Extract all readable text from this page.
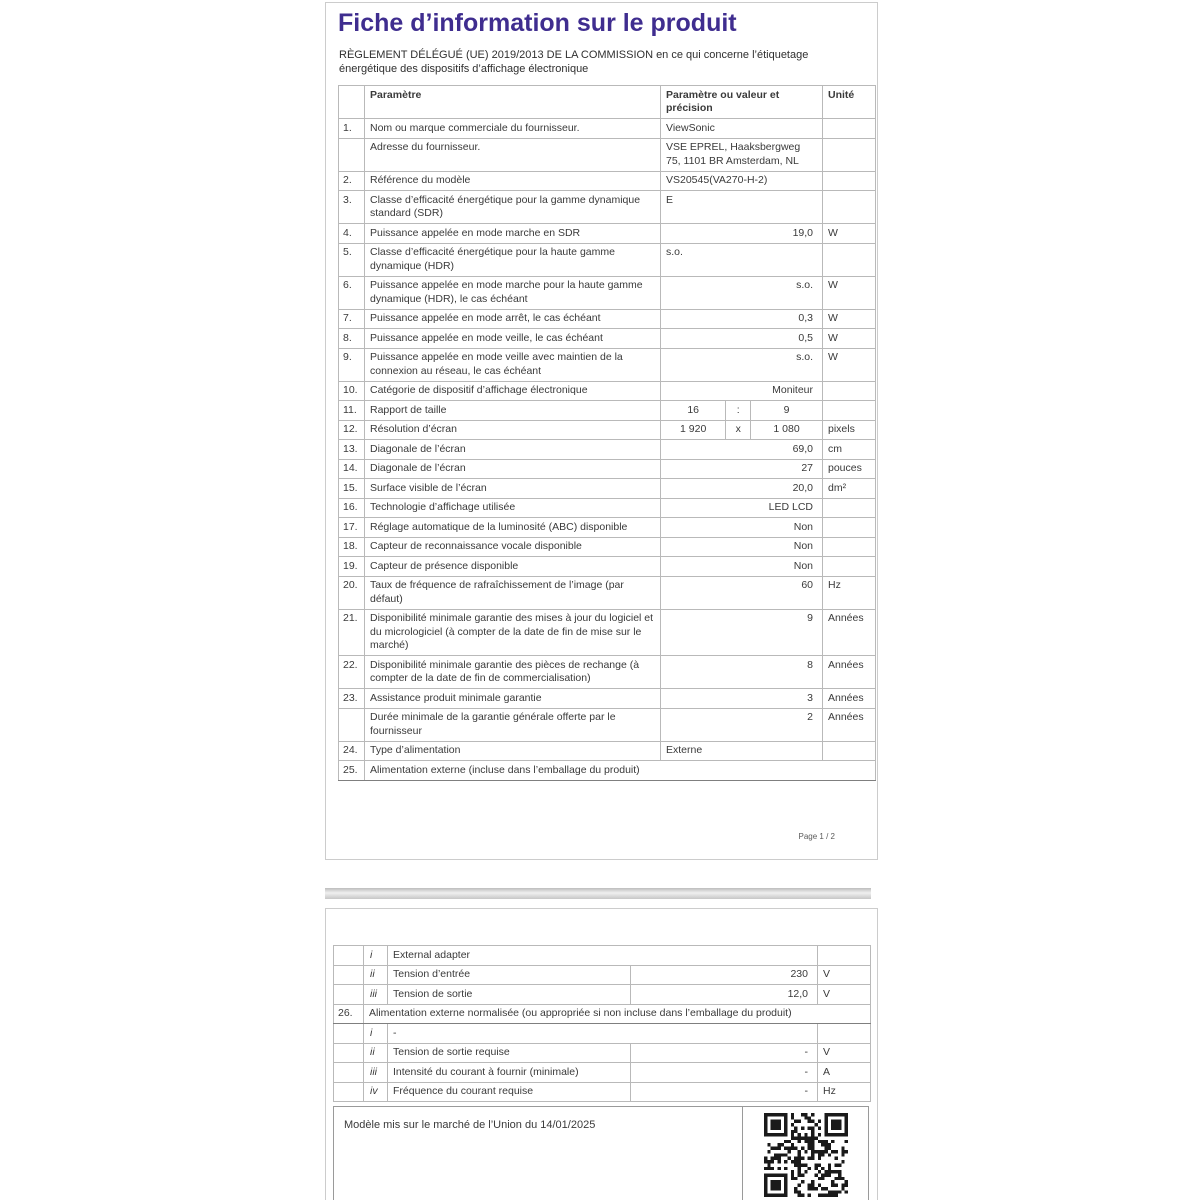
Fiche d’information sur le produit
RÈGLEMENT DÉLÉGUÉ (UE) 2019/2013 DE LA COMMISSION en ce qui concerne l’étiquetage énergétique des dispositifs d’affichage électronique
	Paramètre	Paramètre ou valeur et précision	Unité
1.	Nom ou marque commerciale du fournisseur.	ViewSonic	
	Adresse du fournisseur.	VSE EPREL, Haaksbergweg 75, 1101 BR Amsterdam, NL	
2.	Référence du modèle	VS20545(VA270-H-2)	
3.	Classe d’efficacité énergétique pour la gamme dynamique standard (SDR)	E	
4.	Puissance appelée en mode marche en SDR	19,0	W
5.	Classe d’efficacité énergétique pour la haute gamme dynamique (HDR)	s.o.	
6.	Puissance appelée en mode marche pour la haute gamme dynamique (HDR), le cas échéant	s.o.	W
7.	Puissance appelée en mode arrêt, le cas échéant	0,3	W
8.	Puissance appelée en mode veille, le cas échéant	0,5	W
9.	Puissance appelée en mode veille avec maintien de la connexion au réseau, le cas échéant	s.o.	W
10.	Catégorie de dispositif d’affichage électronique	Moniteur	
11.	Rapport de taille	16 : 9	

12.	Résolution d’écran	1 920 x 1 080	pixels
13.	Diagonale de l’écran	69,0	cm
14.	Diagonale de l’écran	27	pouces
15.	Surface visible de l’écran	20,0	dm²
16.	Technologie d’affichage utilisée	LED LCD	
17.	Réglage automatique de la luminosité (ABC) disponible	Non	
18.	Capteur de reconnaissance vocale disponible	Non	
19.	Capteur de présence disponible	Non	
20.	Taux de fréquence de rafraîchissement de l’image (par défaut)	60	Hz
21.	Disponibilité minimale garantie des mises à jour du logiciel et du micrologiciel (à compter de la date de fin de mise sur le marché)	9	Années
22.	Disponibilité minimale garantie des pièces de rechange (à compter de la date de fin de commercialisation)	8	Années
23.	Assistance produit minimale garantie	3	Années
	Durée minimale de la garantie générale offerte par le fournisseur	2	Années
24.	Type d’alimentation	Externe	
25.	Alimentation externe (incluse dans l’emballage du produit)		
Page 1 / 2
	i	External adapter		
	ii	Tension d’entrée	230	V
	iii	Tension de sortie	12,0	V
26.	Alimentation externe normalisée (ou appropriée si non incluse dans l’emballage du produit)			
	i	-		
	ii	Tension de sortie requise	-	V
	iii	Intensité du courant à fournir (minimale)	-	A
	iv	Fréquence du courant requise	-	Hz
Modèle mis sur le marché de l’Union du 14/01/2025
